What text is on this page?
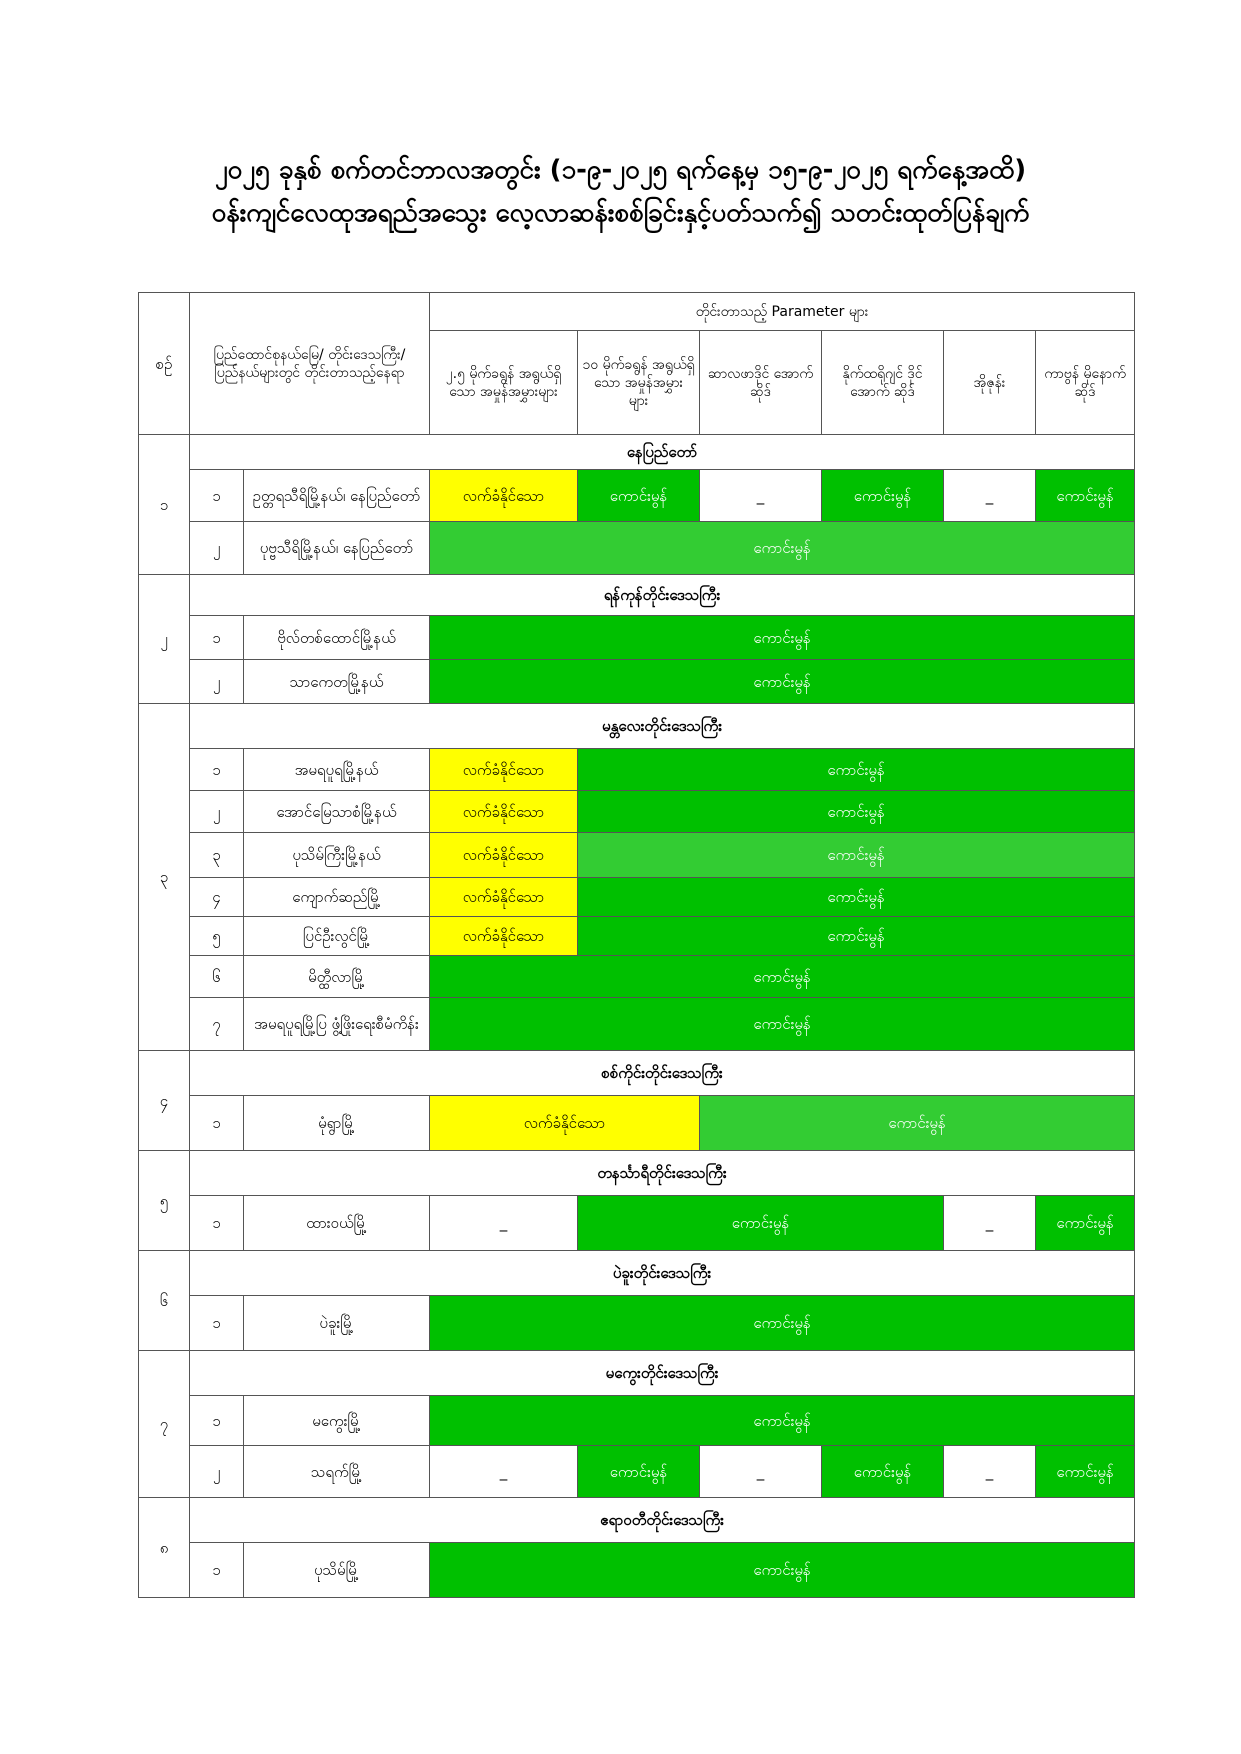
၂၀၂၅ ခုနှစ် စက်တင်ဘာလအတွင်း (၁-၉-၂၀၂၅ ရက်နေ့မှ ၁၅-၉-၂၀၂၅ ရက်နေ့အထိ)
ဝန်းကျင်လေထုအရည်အသွေး လေ့လာဆန်းစစ်ခြင်းနှင့်ပတ်သက်၍ သတင်းထုတ်ပြန်ချက်
စဉ်	ပြည်ထောင်စုနယ်မြေ/ တိုင်းဒေသကြီး/ ပြည်နယ်များတွင် တိုင်းတာသည့်နေရာ		တိုင်းတာသည့် Parameter များ					
			၂.၅ မိုက်ခရွန် အရွယ်ရှိသော အမှုန်အမွှားများ	၁၀ မိုက်ခရွန် အရွယ်ရှိသော အမှုန်အမွှား များ	ဆာလဖာဒိုင် အောက်ဆိုဒ်	နိုက်ထရိုဂျင် ဒိုင်အောက် ဆိုဒ်	အိုဇုန်း	ကာဗွန် မိုနောက် ဆိုဒ်
၁	နေပြည်တော်							
	၁	ဥတ္တရသီရိမြို့နယ်၊ နေပြည်တော်	လက်ခံနိုင်သော	ကောင်းမွန်	_	ကောင်းမွန်	_	ကောင်းမွန်
	၂	ပုဗ္ဗသီရိမြို့နယ်၊ နေပြည်တော်	ကောင်းမွန်					
၂	ရန်ကုန်တိုင်းဒေသကြီး							
	၁	ဗိုလ်တစ်ထောင်မြို့နယ်	ကောင်းမွန်					
	၂	သာကေတမြို့နယ်	ကောင်းမွန်					
၃	မန္တလေးတိုင်းဒေသကြီး							
	၁	အမရပူရမြို့နယ်	လက်ခံနိုင်သော	ကောင်းမွန်				
	၂	အောင်မြေသာစံမြို့နယ်	လက်ခံနိုင်သော	ကောင်းမွန်				
	၃	ပုသိမ်ကြီးမြို့နယ်	လက်ခံနိုင်သော	ကောင်းမွန်				
	၄	ကျောက်ဆည်မြို့	လက်ခံနိုင်သော	ကောင်းမွန်				
	၅	ပြင်ဦးလွင်မြို့	လက်ခံနိုင်သော	ကောင်းမွန်				
	၆	မိတ္ထီလာမြို့	ကောင်းမွန်					
	၇	အမရပူရမြို့ပြ ဖွံ့ဖြိုးရေးစီမံကိန်း	ကောင်းမွန်					
၄	စစ်ကိုင်းတိုင်းဒေသကြီး							
	၁	မုံရွာမြို့	လက်ခံနိုင်သော		ကောင်းမွန်			
၅	တနင်္သာရီတိုင်းဒေသကြီး							
	၁	ထားဝယ်မြို့	_	ကောင်းမွန်			_	ကောင်းမွန်
၆	ပဲခူးတိုင်းဒေသကြီး							
	၁	ပဲခူးမြို့	ကောင်းမွန်					
၇	မကွေးတိုင်းဒေသကြီး							
	၁	မကွေးမြို့	ကောင်းမွန်					
	၂	သရက်မြို့	_	ကောင်းမွန်	_	ကောင်းမွန်	_	ကောင်းမွန်
၈	ဧရာဝတီတိုင်းဒေသကြီး							
	၁	ပုသိမ်မြို့	ကောင်းမွန်					
